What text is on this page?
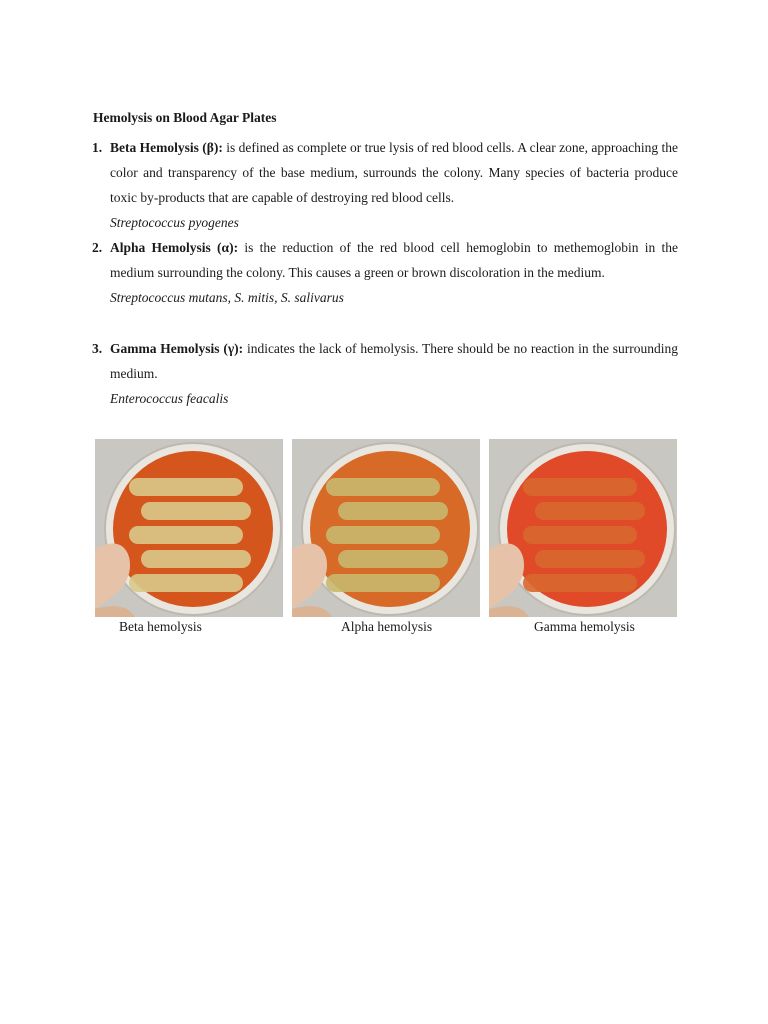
Hemolysis on Blood Agar Plates
1. Beta Hemolysis (β): is defined as complete or true lysis of red blood cells. A clear zone, approaching the color and transparency of the base medium, surrounds the colony. Many species of bacteria produce toxic by-products that are capable of destroying red blood cells.
Streptococcus pyogenes
2. Alpha Hemolysis (α): is the reduction of the red blood cell hemoglobin to methemoglobin in the medium surrounding the colony. This causes a green or brown discoloration in the medium.
Streptococcus mutans, S. mitis, S. salivarus
3. Gamma Hemolysis (γ): indicates the lack of hemolysis. There should be no reaction in the surrounding medium.
Enterococcus feacalis
Beta hemolysis	Alpha hemolysis	Gamma hemolysis
